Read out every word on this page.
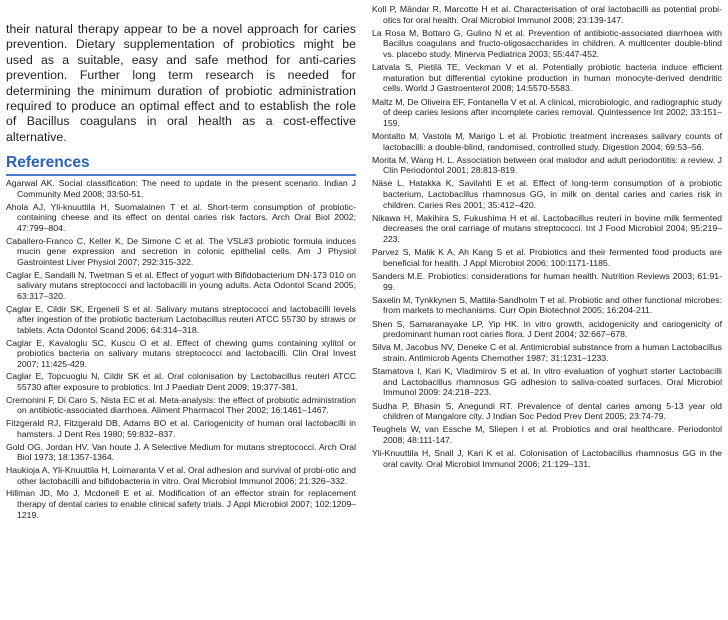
their natural therapy appear to be a novel approach for caries prevention. Dietary supplementation of probiotics might be used as a suitable, easy and safe method for anti-caries prevention. Further long term research is needed for determining the minimum duration of probiotic administration required to produce an optimal effect and to establish the role of Bacillus coagulans in oral health as a cost-effective alternative.

References

Agarwal AK. Social classification: The need to update in the present scenario. Indian J Community Med 2008; 33:50-51.

Ahola AJ, Yli-knuuttila H, Suomalainen T et al. Short-term consumption of probiotic-containing cheese and its effect on dental caries risk factors. Arch Oral Biol 2002; 47:799–804.

Caballero-Franco C, Keller K, De Simone C et al. The VSL#3 probiotic formula induces mucin gene expression and secretion in colonic epithelial cells. Am J Physiol Gastrointest Liver Physiol 2007; 292:315-322.

Caglar E, Sandalli N, Twetman S et al. Effect of yogurt with Bifidobacterium DN-173 010 on salivary mutans streptococci and lactobacilli in young adults. Acta Odontol Scand 2005; 63:317–320.

Çaglar E, Cildir SK, Ergeneli S et al. Salivary mutans streptococci and lactobacilli levels after ingestion of the probiotic bacterium Lactobacillus reuteri ATCC 55730 by straws or tablets. Acta Odontol Scand 2006; 64:314–318.

Caglar E, Kavaloglu SC, Kuscu O et al. Effect of chewing gums containing xylitol or probiotics bacteria on salivary mutans streptococci and lactobacilli. Clin Oral Invest 2007; 11:425-429.

Caglar E, Topcuoglu N, Cildir SK et al. Oral colonisation by Lactobacillus reuteri ATCC 55730 after exposure to probiotics. Int J Paediatr Dent 2009; 19:377-381.

Cremonini F, Di Caro S, Nista EC et al. Meta-analysis: the effect of probiotic administration on antibiotic-associated diarrhoea. Aliment Pharmacol Ther 2002; 16:1461–1467.

Fitzgerald RJ, Fitzgerald DB, Adams BO et al. Cariogenicity of human oral lactobacilli in hamsters. J Dent Res 1980; 59:832–837.

Gold OG, Jordan HV, Van houte J. A Selective Medium for mutans streptococci. Arch Oral Biol 1973; 18:1357-1364.

Haukioja A, Yli-Knuuttila H, Loimaranta V et al. Oral adhesion and survival of probi-otic and other lactobacilli and bifidobacteria in vitro. Oral Microbiol Immunol 2006; 21:326–332.

Hillman JD, Mo J, Mcdonell E et al. Modification of an effector strain for replacement therapy of dental caries to enable clinical safety trials. J Appl Microbiol 2007; 102:1209–1219.

Koll P, Mändar R, Marcotte H et al. Characterisation of oral lactobacilli as potential probi-otics for oral health. Oral Microbiol Immunol 2008; 23:139-147.

La Rosa M, Bottaro G, Gulino N et al. Prevention of antibiotic-associated diarrhoea with Bacillus coagulans and fructo-oligosaccharides in children. A multicenter double-blind vs. placebo study. Minerva Pediatrica 2003; 55:447-452.

Latvala S, Pietilä TE, Veckman V et al. Potentially probiotic bacteria induce efficient maturation but differential cytokine production in human monocyte-derived dendritic cells. World J Gastroenterol 2008; 14:5570-5583.

Maltz M, De Oliveira EF, Fontanella V et al. A clinical, microbiologic, and radiographic study of deep caries lesions after incomplete caries removal. Quintessence Int 2002; 33:151–159.

Montalto M, Vastola M, Marigo L et al. Probiotic treatment increases salivary counts of lactobacilli: a double-blind, randomised, controlled study. Digestion 2004; 69:53–56.

Morita M, Wang H. L. Association between oral malodor and adult periodontitis: a review. J Clin Periodontol 2001; 28:813-819.

Näse L, Hatakka K, Savilahti E et al. Effect of long-term consumption of a probiotic bacterium, Lactobacillus rhamnosus GG, in milk on dental caries and caries risk in children. Caries Res 2001; 35:412–420.

Nikawa H, Makihira S, Fukushima H et al. Lactobacillus reuteri in bovine milk fermented decreases the oral carriage of mutans streptococci. Int J Food Microbiol 2004; 95:219–223.

Parvez S, Malik K A, Ah Kang S et al. Probiotics and their fermented food products are beneficial for health. J Appl Microbiol 2006; 100:1171-1185.

Sanders M.E. Probiotics: considerations for human health. Nutrition Reviews 2003; 61:91-99.

Saxelin M, Tynkkynen S, Mattila-Sandholm T et al. Probiotic and other functional microbes: from markets to mechanisms. Curr Opin Biotechnol 2005; 16:204-211.

Shen S, Samaranayake LP, Yip HK. In vitro growth, acidogenicity and cariogenicity of predominant human root caries flora. J Dent 2004; 32:667–678.

Silva M, Jacobus NV, Deneke C et al. Antimicrobial substance from a human Lactobacillus strain. Antimicrob Agents Chemother 1987; 31:1231–1233.

Stamatova I, Kari K, Vladimirov S et al. In vitro evaluation of yoghurt starter Lactobacilli and Lactobacillus rhamnosus GG adhesion to saliva-coated surfaces. Oral Microbiol Immunol 2009: 24:218–223.

Sudha P, Bhasin S, Anegundi RT. Prevalence of dental caries among 5-13 year old children of Mangalore city. J Indian Soc Pedod Prev Dent 2005; 23:74-79.

Teughels W, van Essche M, Sliepen I et al. Probiotics and oral healthcare. Periodontol 2008; 48:111-147.

Yli-Knuuttila H, Snall J, Kari K et al. Colonisation of Lactobacillus rhamnosus GG in the oral cavity. Oral Microbiol Immunol 2006; 21:129–131.
